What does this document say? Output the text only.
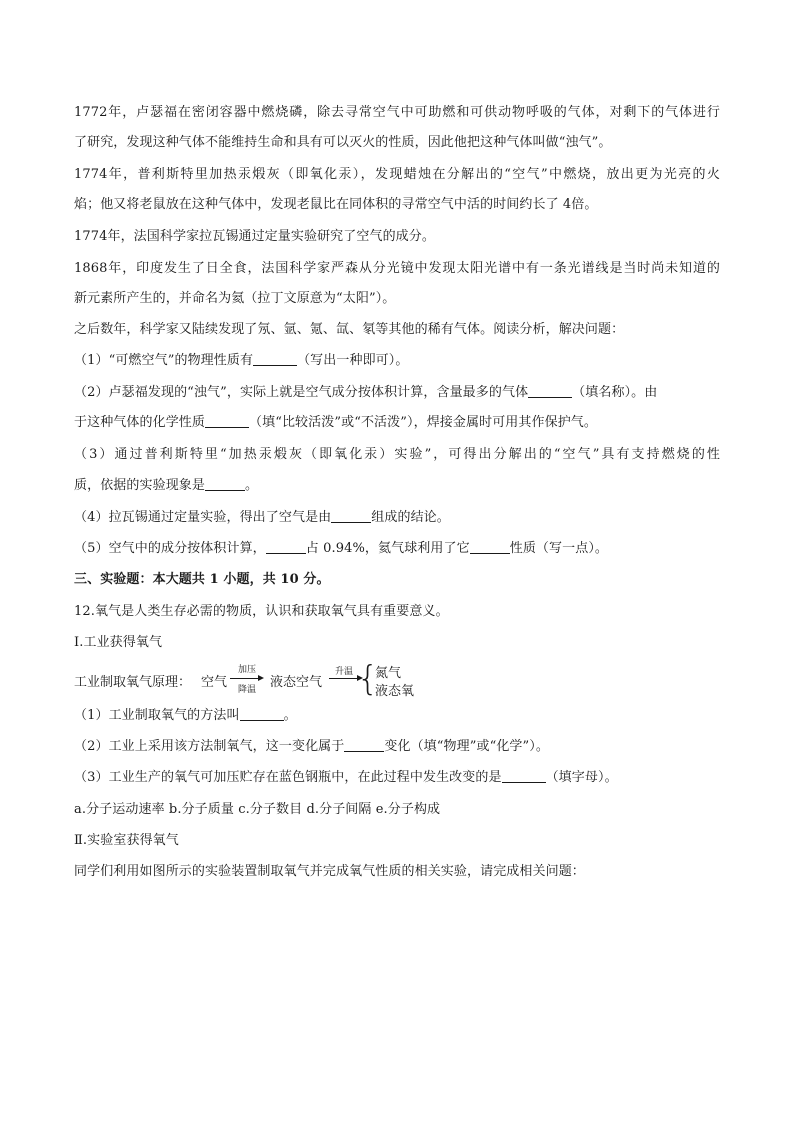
1772年，卢瑟福在密闭容器中燃烧磷，除去寻常空气中可助燃和可供动物呼吸的气体，对剩下的气体进行

了研究，发现这种气体不能维持生命和具有可以灭火的性质，因此他把这种气体叫做“浊气”。

1774年，普利斯特里加热汞煅灰（即氧化汞），发现蜡烛在分解出的“空气”中燃烧，放出更为光亮的火

焰；他又将老鼠放在这种气体中，发现老鼠比在同体积的寻常空气中活的时间约长了 4倍。

1774年，法国科学家拉瓦锡通过定量实验研究了空气的成分。

1868年，印度发生了日全食，法国科学家严森从分光镜中发现太阳光谱中有一条光谱线是当时尚未知道的

新元素所产生的，并命名为氦（拉丁文原意为“太阳”）。

之后数年，科学家又陆续发现了氖、氩、氪、氙、氡等其他的稀有气体。阅读分析，解决问题：

（1）“可燃空气”的物理性质有	（写出一种即可）。

（2）卢瑟福发现的“浊气”，实际上就是空气成分按体积计算，含量最多的气体	（填名称）。由

于这种气体的化学性质	（填“比较活泼”或“不活泼”），焊接金属时可用其作保护气。

（3）通过普利斯特里“加热汞煅灰（即氧化汞）实验”，可得出分解出的“空气”具有支持燃烧的性

质，依据的实验现象是	。

（4）拉瓦锡通过定量实验，得出了空气是由	组成的结论。

（5）空气中的成分按体积计算，	占 0.94%，氦气球利用了它	性质（写一点）。

三、实验题：本大题共 1 小题，共 10 分。

12.氧气是人类生存必需的物质，认识和获取氧气具有重要意义。

I.工业获得氧气

工业制取氧气原理： 空气
加压
降温 液态空气
升温 {
氮气
液态氧

（1）工业制取氧气的方法叫	。

（2）工业上采用该方法制氧气，这一变化属于	变化（填“物理”或“化学”）。

（3）工业生产的氧气可加压贮存在蓝色钢瓶中，在此过程中发生改变的是	（填字母）。

a.分子运动速率 b.分子质量 c.分子数目 d.分子间隔 e.分子构成

Ⅱ.实验室获得氧气

同学们利用如图所示的实验装置制取氧气并完成氧气性质的相关实验，请完成相关问题：
